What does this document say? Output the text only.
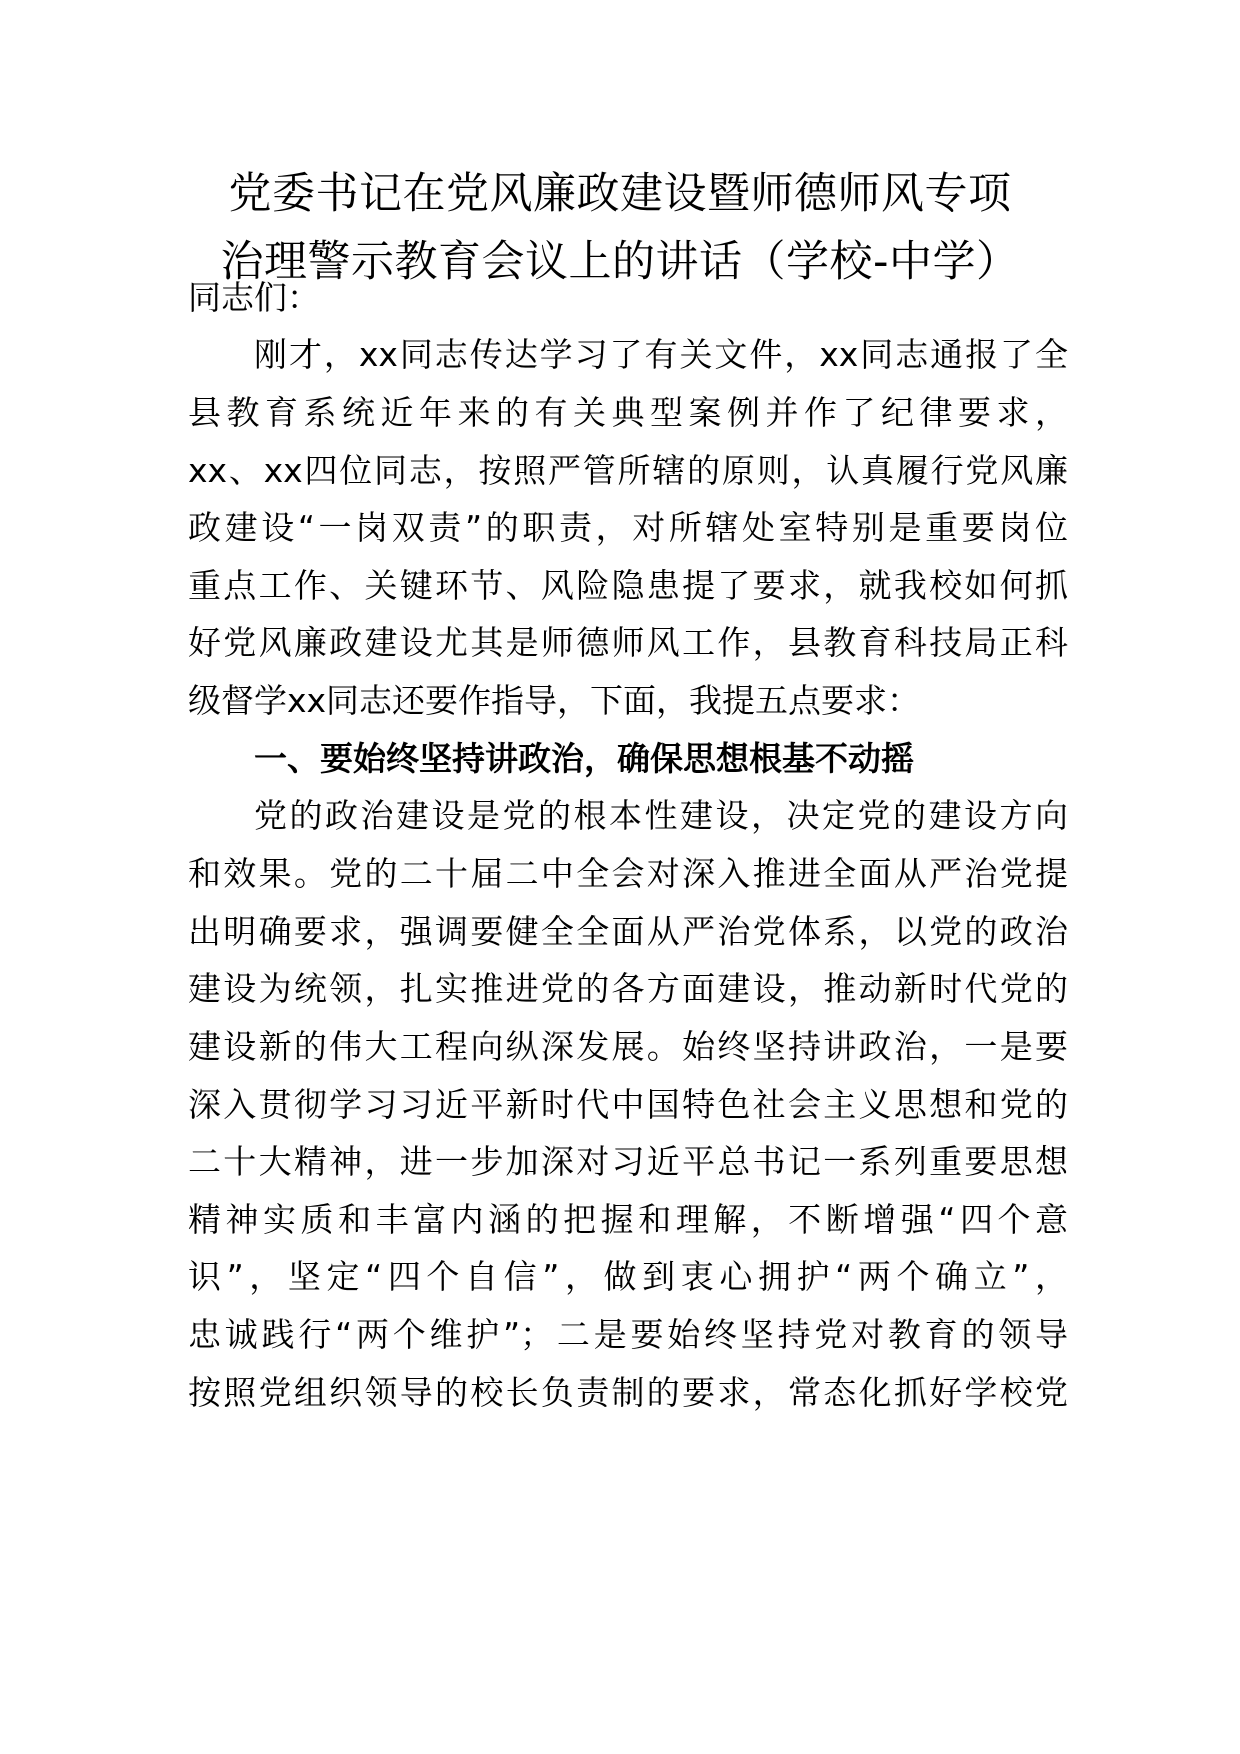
党委书记在党风廉政建设暨师德师风专项
治理警示教育会议上的讲话（学校-中学）
同志们：
刚才，xx同志传达学习了有关文件，xx同志通报了全
县教育系统近年来的有关典型案例并作了纪律要求，
xx、xx四位同志，按照严管所辖的原则，认真履行党风廉
政建设“一岗双责”的职责，对所辖处室特别是重要岗位
重点工作、关键环节、风险隐患提了要求，就我校如何抓
好党风廉政建设尤其是师德师风工作，县教育科技局正科
级督学xx同志还要作指导，下面，我提五点要求：
一、要始终坚持讲政治，确保思想根基不动摇
党的政治建设是党的根本性建设，决定党的建设方向
和效果。党的二十届二中全会对深入推进全面从严治党提
出明确要求，强调要健全全面从严治党体系，以党的政治
建设为统领，扎实推进党的各方面建设，推动新时代党的
建设新的伟大工程向纵深发展。始终坚持讲政治，一是要
深入贯彻学习习近平新时代中国特色社会主义思想和党的
二十大精神，进一步加深对习近平总书记一系列重要思想
精神实质和丰富内涵的把握和理解，不断增强“四个意
识”，坚定“四个自信”，做到衷心拥护“两个确立”，
忠诚践行“两个维护”；二是要始终坚持党对教育的领导
按照党组织领导的校长负责制的要求，常态化抓好学校党
